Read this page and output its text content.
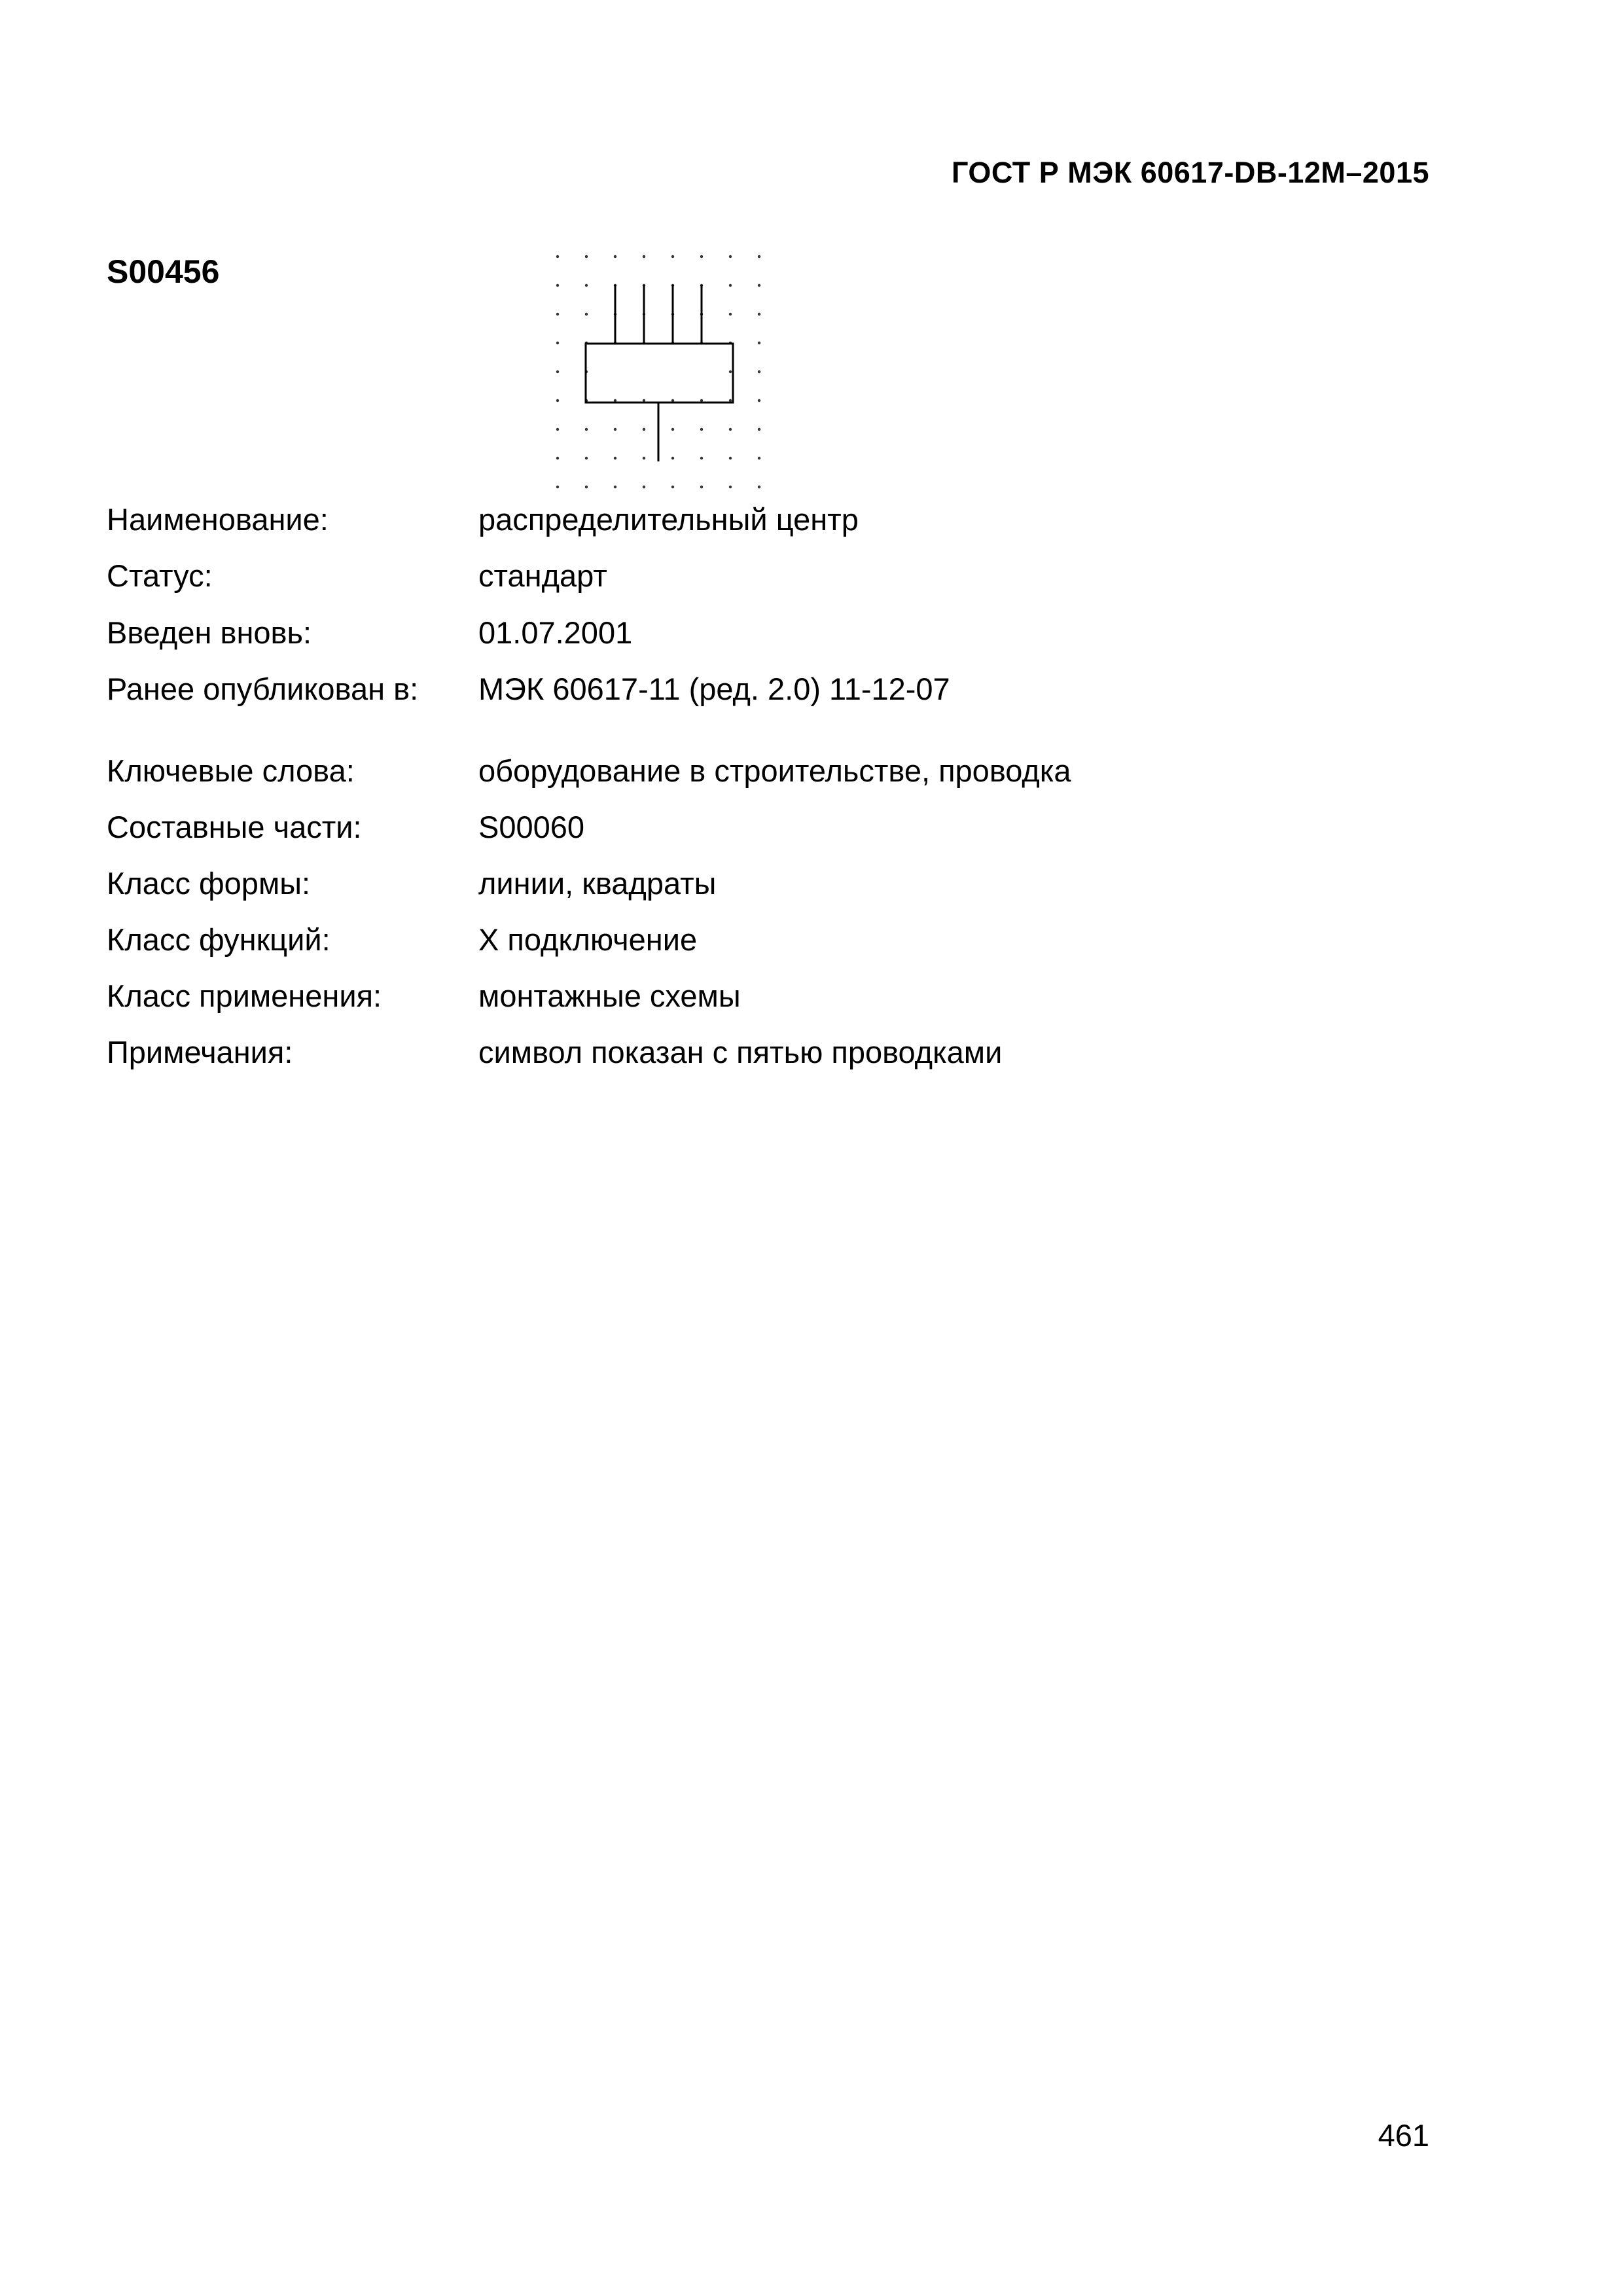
ГОСТ Р МЭК 60617-DB-12M–2015
S00456
Наименование:	распределительный центр
Статус:	стандарт
Введен вновь:	01.07.2001
Ранее опубликован в: МЭК 60617-11 (ред. 2.0) 11-12-07
Ключевые слова:	оборудование в строительстве, проводка
Составные части:	S00060
Класс формы:	линии, квадраты
Класс функций:	X подключение
Класс применения:	монтажные схемы
Примечания:	символ показан с пятью проводками
461
